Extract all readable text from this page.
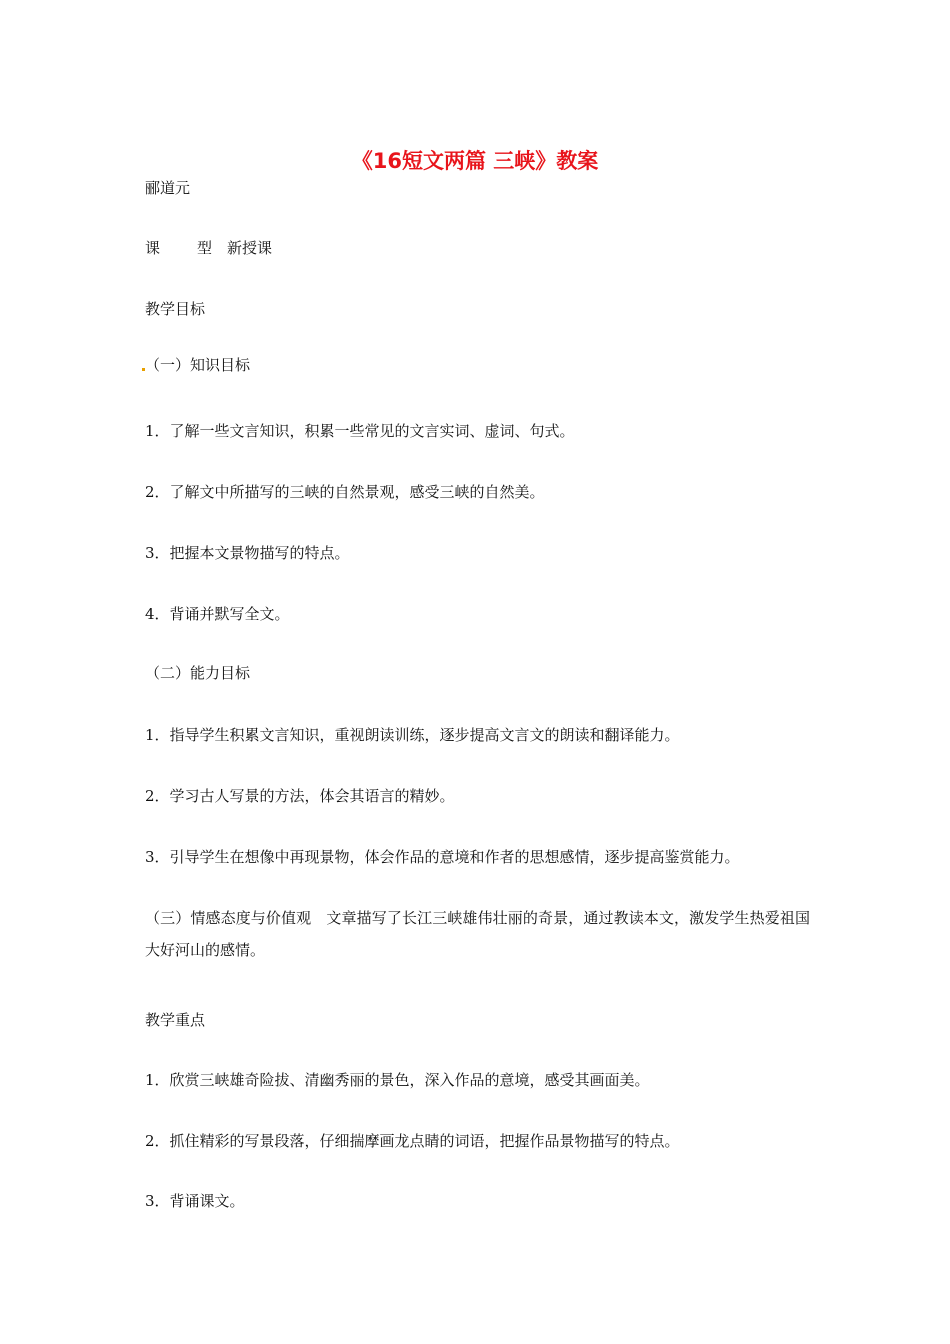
《16短文两篇 三峡》教案
郦道元
课 型 新授课
教学目标
（一）知识目标
1．了解一些文言知识，积累一些常见的文言实词、虚词、句式。
2．了解文中所描写的三峡的自然景观，感受三峡的自然美。
3．把握本文景物描写的特点。
4．背诵并默写全文。
（二）能力目标
1．指导学生积累文言知识，重视朗读训练，逐步提高文言文的朗读和翻译能力。
2．学习古人写景的方法，体会其语言的精妙。
3．引导学生在想像中再现景物，体会作品的意境和作者的思想感情，逐步提高鉴赏能力。
（三）情感态度与价值观　文章描写了长江三峡雄伟壮丽的奇景，通过教读本文，激发学生热爱祖国大好河山的感情。
教学重点
1．欣赏三峡雄奇险拔、清幽秀丽的景色，深入作品的意境，感受其画面美。
2．抓住精彩的写景段落，仔细揣摩画龙点睛的词语，把握作品景物描写的特点。
3．背诵课文。
